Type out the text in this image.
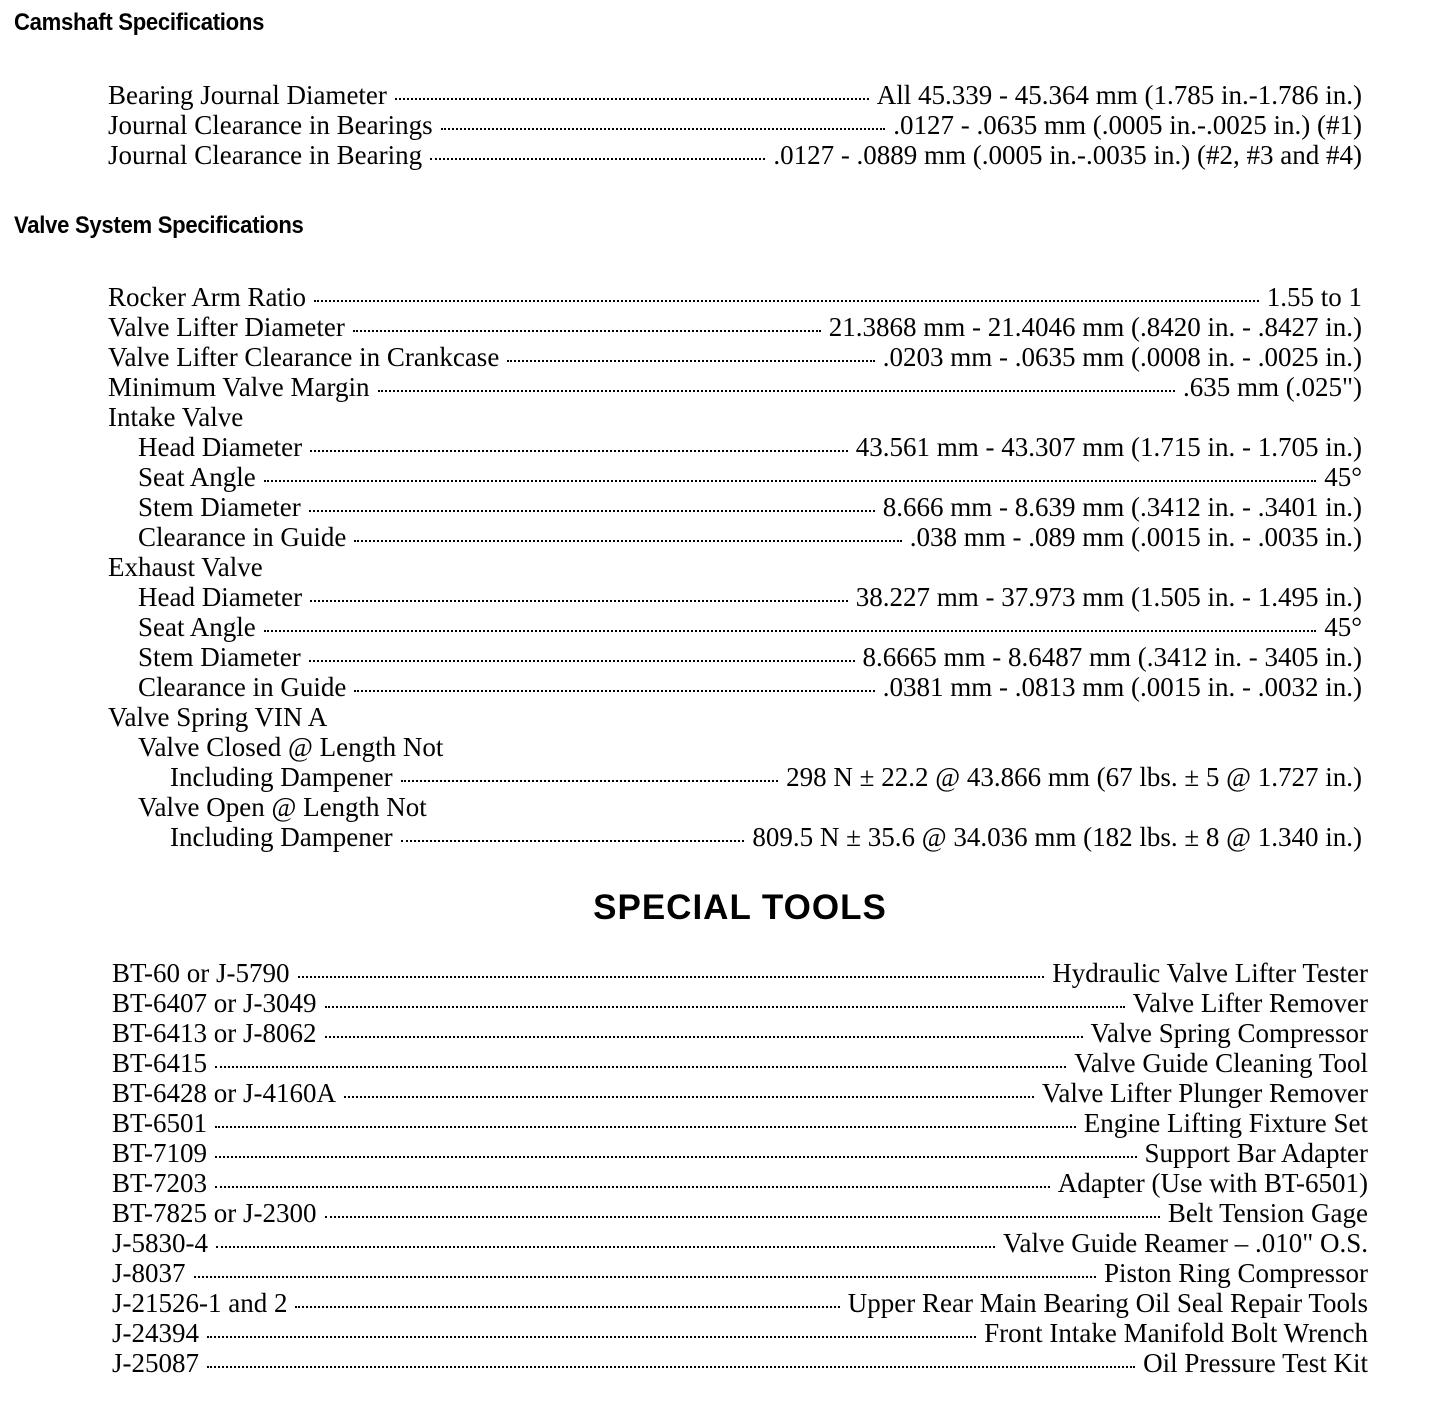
Camshaft Specifications
Bearing Journal Diameter	All 45.339 - 45.364 mm (1.785 in.-1.786 in.)
Journal Clearance in Bearings	.0127 - .0635 mm (.0005 in.-.0025 in.) (#1)
Journal Clearance in Bearing	.0127 - .0889 mm (.0005 in.-.0035 in.) (#2, #3 and #4)
Valve System Specifications
Rocker Arm Ratio	1.55 to 1
Valve Lifter Diameter	21.3868 mm - 21.4046 mm (.8420 in. - .8427 in.)
Valve Lifter Clearance in Crankcase	.0203 mm - .0635 mm (.0008 in. - .0025 in.)
Minimum Valve Margin	.635 mm (.025")
Intake Valve
Head Diameter	43.561 mm - 43.307 mm (1.715 in. - 1.705 in.)
Seat Angle	45°
Stem Diameter	8.666 mm - 8.639 mm (.3412 in. - .3401 in.)
Clearance in Guide	.038 mm - .089 mm (.0015 in. - .0035 in.)
Exhaust Valve
Head Diameter	38.227 mm - 37.973 mm (1.505 in. - 1.495 in.)
Seat Angle	45°
Stem Diameter	8.6665 mm - 8.6487 mm (.3412 in. - 3405 in.)
Clearance in Guide	.0381 mm - .0813 mm (.0015 in. - .0032 in.)
Valve Spring VIN A
Valve Closed @ Length Not
Including Dampener	298 N ± 22.2 @ 43.866 mm (67 lbs. ± 5 @ 1.727 in.)
Valve Open @ Length Not
Including Dampener	809.5 N ± 35.6 @ 34.036 mm (182 lbs. ± 8 @ 1.340 in.)
SPECIAL TOOLS
BT-60 or J-5790	Hydraulic Valve Lifter Tester
BT-6407 or J-3049	Valve Lifter Remover
BT-6413 or J-8062	Valve Spring Compressor
BT-6415	Valve Guide Cleaning Tool
BT-6428 or J-4160A	Valve Lifter Plunger Remover
BT-6501	Engine Lifting Fixture Set
BT-7109	Support Bar Adapter
BT-7203	Adapter (Use with BT-6501)
BT-7825 or J-2300	Belt Tension Gage
J-5830-4	Valve Guide Reamer – .010" O.S.
J-8037	Piston Ring Compressor
J-21526-1 and 2	Upper Rear Main Bearing Oil Seal Repair Tools
J-24394	Front Intake Manifold Bolt Wrench
J-25087	Oil Pressure Test Kit
